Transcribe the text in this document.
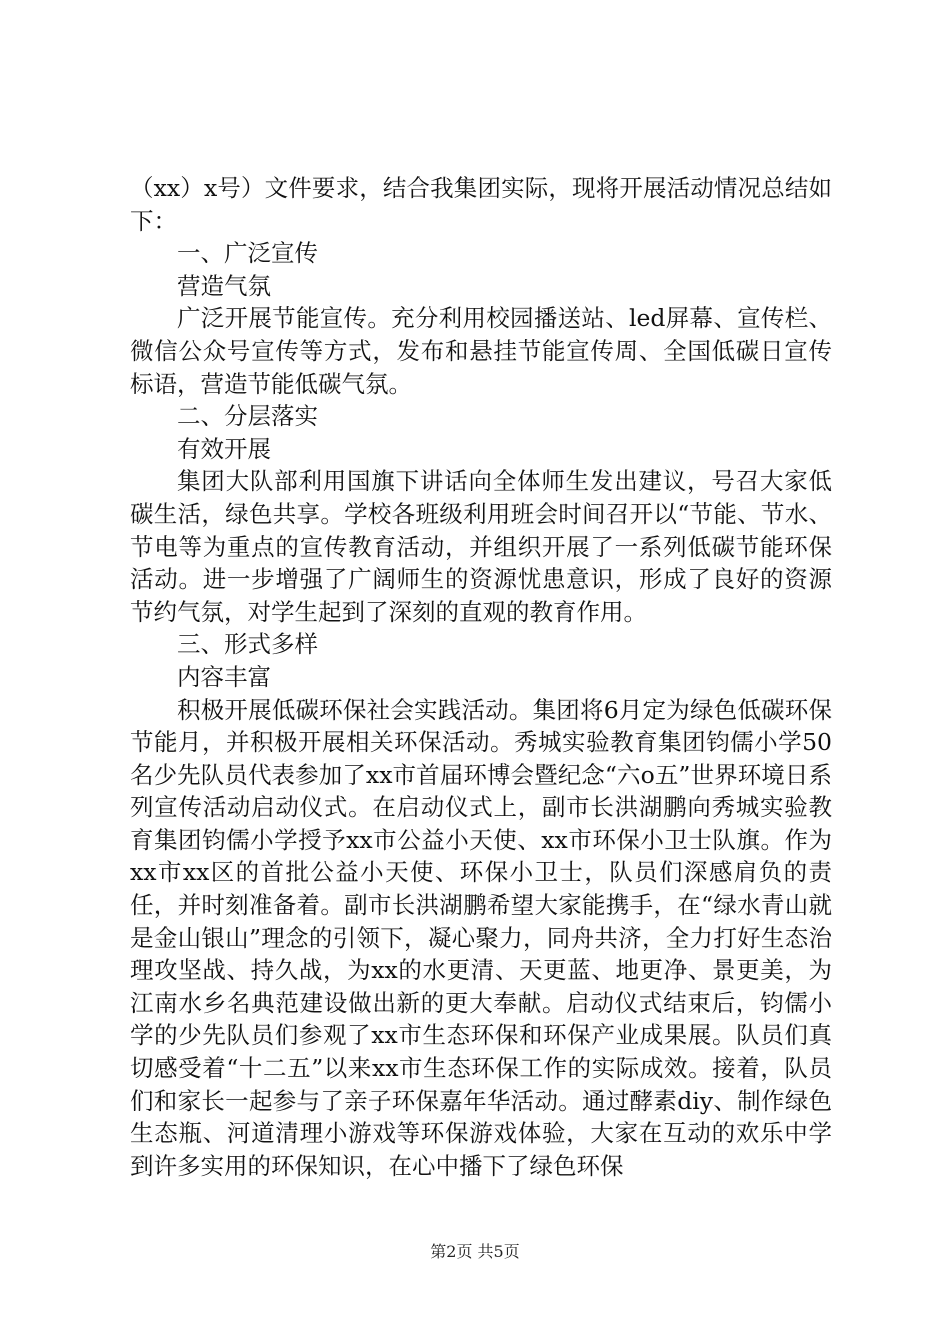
（xx）x号）文件要求，结合我集团实际，现将开展活动情况总结如下：

一、广泛宣传

营造气氛

广泛开展节能宣传。充分利用校园播送站、led屏幕、宣传栏、微信公众号宣传等方式，发布和悬挂节能宣传周、全国低碳日宣传标语，营造节能低碳气氛。

二、分层落实

有效开展

集团大队部利用国旗下讲话向全体师生发出建议，号召大家低碳生活，绿色共享。学校各班级利用班会时间召开以“节能、节水、节电等为重点的宣传教育活动，并组织开展了一系列低碳节能环保活动。进一步增强了广阔师生的资源忧患意识，形成了良好的资源节约气氛，对学生起到了深刻的直观的教育作用。

三、形式多样

内容丰富

积极开展低碳环保社会实践活动。集团将6月定为绿色低碳环保节能月，并积极开展相关环保活动。秀城实验教育集团钧儒小学50名少先队员代表参加了xx市首届环博会暨纪念“六o五”世界环境日系列宣传活动启动仪式。在启动仪式上，副市长洪湖鹏向秀城实验教育集团钧儒小学授予xx市公益小天使、xx市环保小卫士队旗。作为xx市xx区的首批公益小天使、环保小卫士，队员们深感肩负的责任，并时刻准备着。副市长洪湖鹏希望大家能携手，在“绿水青山就是金山银山”理念的引领下，凝心聚力，同舟共济，全力打好生态治理攻坚战、持久战，为xx的水更清、天更蓝、地更净、景更美，为江南水乡名典范建设做出新的更大奉献。启动仪式结束后，钧儒小学的少先队员们参观了xx市生态环保和环保产业成果展。队员们真切感受着“十二五”以来xx市生态环保工作的实际成效。接着，队员们和家长一起参与了亲子环保嘉年华活动。通过酵素diy、制作绿色生态瓶、河道清理小游戏等环保游戏体验，大家在互动的欢乐中学到许多实用的环保知识，在心中播下了绿色环保

第2页 共5页
